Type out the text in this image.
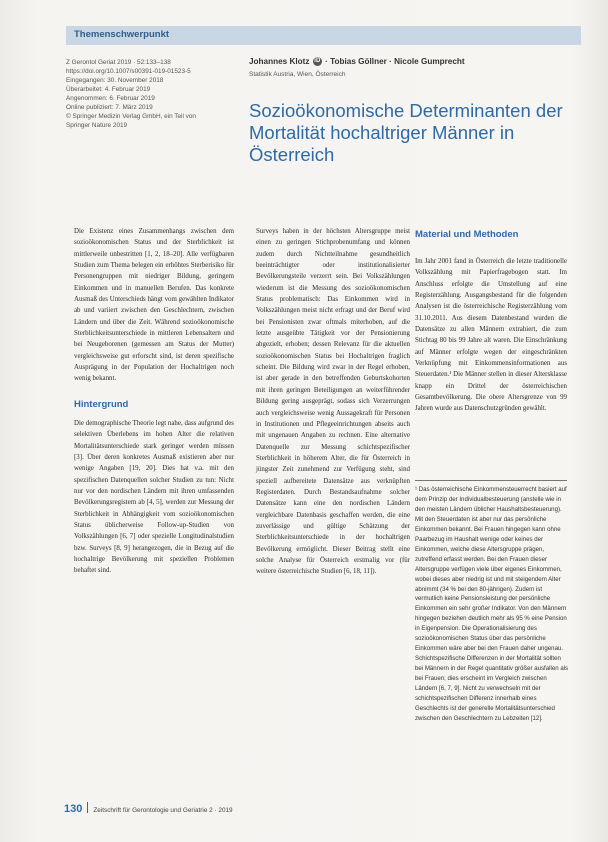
Themenschwerpunkt
Z Gerontol Geriat 2019 · 52:133–138
https://doi.org/10.1007/s00391-019-01523-5
Eingegangen: 30. November 2018
Überarbeitet: 4. Februar 2019
Angenommen: 6. Februar 2019
Online publiziert: 7. März 2019
© Springer Medizin Verlag GmbH, ein Teil von
Springer Nature 2019
Johannes Klotz iD · Tobias Göllner · Nicole Gumprecht
Statistik Austria, Wien, Österreich
Sozioökonomische Determinanten der Mortalität hochaltriger Männer in Österreich

Die Existenz eines Zusammenhangs zwischen dem sozioökonomischen Status und der Sterblichkeit ist mittlerweile unbestritten [1, 2, 18–20]. Alle verfügbaren Studien zum Thema belegen ein erhöhtes Sterberisiko für Personengruppen mit niedriger Bildung, geringem Einkommen und in manuellen Berufen. Das konkrete Ausmaß des Unterschieds hängt vom gewählten Indikator ab und variiert zwischen den Geschlechtern, zwischen Ländern und über die Zeit. Während sozioökonomische Sterblichkeitsunterschiede in mittleren Lebensaltern und bei Neugeborenen (gemessen am Status der Mutter) vergleichsweise gut erforscht sind, ist deren spezifische Ausprägung in der Population der Hochaltrigen noch wenig bekannt.

Hintergrund

Die demographische Theorie legt nahe, dass aufgrund des selektiven Überlebens im hohen Alter die relativen Mortalitätsunterschiede stark geringer werden müssen [3]. Über deren konkretes Ausmaß existieren aber nur wenige Angaben [19, 20]. Dies hat v.a. mit den spezifischen Datenquellen solcher Studien zu tun: Nicht nur vor den nordischen Ländern mit ihren umfassenden Bevölkerungsregistern ab [4, 5], werden zur Messung der Sterblichkeit in Abhängigkeit vom sozioökonomischen Status üblicherweise Follow-up-Studien von Volkszählungen [6, 7] oder spezielle Longitudinalstudien bzw. Surveys [8, 9] herangezogen, die in Bezug auf die hochaltrige Bevölkerung mit speziellen Problemen behaftet sind.

Surveys haben in der höchsten Altersgruppe meist einen zu geringen Stichprobenumfang und können zudem durch Nichtteilnahme gesundheitlich beeinträchtigter oder institutionalisierter Bevölkerungsteile verzerrt sein. Bei Volkszählungen wiederum ist die Messung des sozioökonomischen Status problematisch: Das Einkommen wird in Volkszählungen meist nicht erfragt und der Beruf wird bei Pensionisten zwar oftmals miterhoben, auf die letzte ausgeübte Tätigkeit vor der Pensionierung abgezielt, erhoben; dessen Relevanz für die aktuellen sozioökonomischen Status bei Hochaltrigen fraglich scheint. Die Bildung wird zwar in der Regel erhoben, ist aber gerade in den betreffenden Geburtskohorten mit ihren geringen Beteiligungen an weiterführender Bildung gering ausgeprägt, sodass sich Verzerrungen auch vergleichsweise wenig Aussagekraft für Personen in Institutionen und Pflegeeinrichtungen abseits auch mit ungenauen Angaben zu rechnen. Eine alternative Datenquelle zur Messung schichtspezifischer Sterblichkeit in höherem Alter, die für Österreich in jüngster Zeit zunehmend zur Verfügung steht, sind speziell aufbereitete Datensätze aus verknüpften Registerdaten. Durch Bestandsaufnahme solcher Datensätze kann eine den nordischen Ländern vergleichbare Datenbasis geschaffen werden, die eine zuverlässige und gültige Schätzung der Sterblichkeitsunterschiede in der hochaltrigen Bevölkerung ermöglicht. Dieser Beitrag stellt eine solche Analyse für Österreich erstmalig vor (für weitere österreichische Studien [6, 18, 11]).

Material und Methoden

Im Jahr 2001 fand in Österreich die letzte traditionelle Volkszählung mit Papierfragebogen statt. Im Anschluss erfolgte die Umstellung auf eine Registerzählung. Ausgangsbestand für die folgenden Analysen ist die österreichische Registerzählung vom 31.10.2011. Aus diesem Datenbestand wurden die Datensätze zu allen Männern extrahiert, die zum Stichtag 80 bis 99 Jahre alt waren. Die Einschränkung auf Männer erfolgte wegen der eingeschränkten Verknüpfung mit Einkommensinformationen aus Steuerdaten.¹ Die Männer stellen in dieser Altersklasse knapp ein Drittel der österreichischen Gesamtbevölkerung. Die obere Altersgrenze von 99 Jahren wurde aus Datenschutzgründen gewählt.

¹ Das österreichische Einkommensteuerrecht basiert auf dem Prinzip der Individualbesteuerung (anstelle wie in den meisten Ländern üblicher Haushaltsbesteuerung). Mit den Steuerdaten ist aber nur das persönliche Einkommen bekannt. Bei Frauen hingegen kann ohne Paarbezug im Haushalt wenige oder keines der Einkommen, welche diese Altersgruppe prägen, zutreffend erfasst werden. Bei den Frauen dieser Altersgruppe verfügen viele über eigenes Einkommen, wobei dieses aber niedrig ist und mit steigendem Alter abnimmt (34 % bei den 80-jährigen). Zudem ist vermutlich keine Pensionsleistung der persönliche Einkommen ein sehr großer Indikator. Von den Männern hingegen beziehen deutlich mehr als 95 % eine Pension in Eigenpension. Die Operationalisierung des sozioökonomischen Status über das persönliche Einkommen wäre aber bei den Frauen daher ungenau. Schichtspezifische Differenzen in der Mortalität sollten bei Männern in der Regel quantitativ größer ausfallen als bei Frauen; dies erscheint im Vergleich zwischen Ländern [6, 7, 9]. Nicht zu verwechseln mit der schichtspezifischen Differenz innerhalb eines Geschlechts ist der generelle Mortalitätsunterschied zwischen den Geschlechtern zu Lebzeiten [12].
130 Zeitschrift für Gerontologie und Geriatrie 2 · 2019
